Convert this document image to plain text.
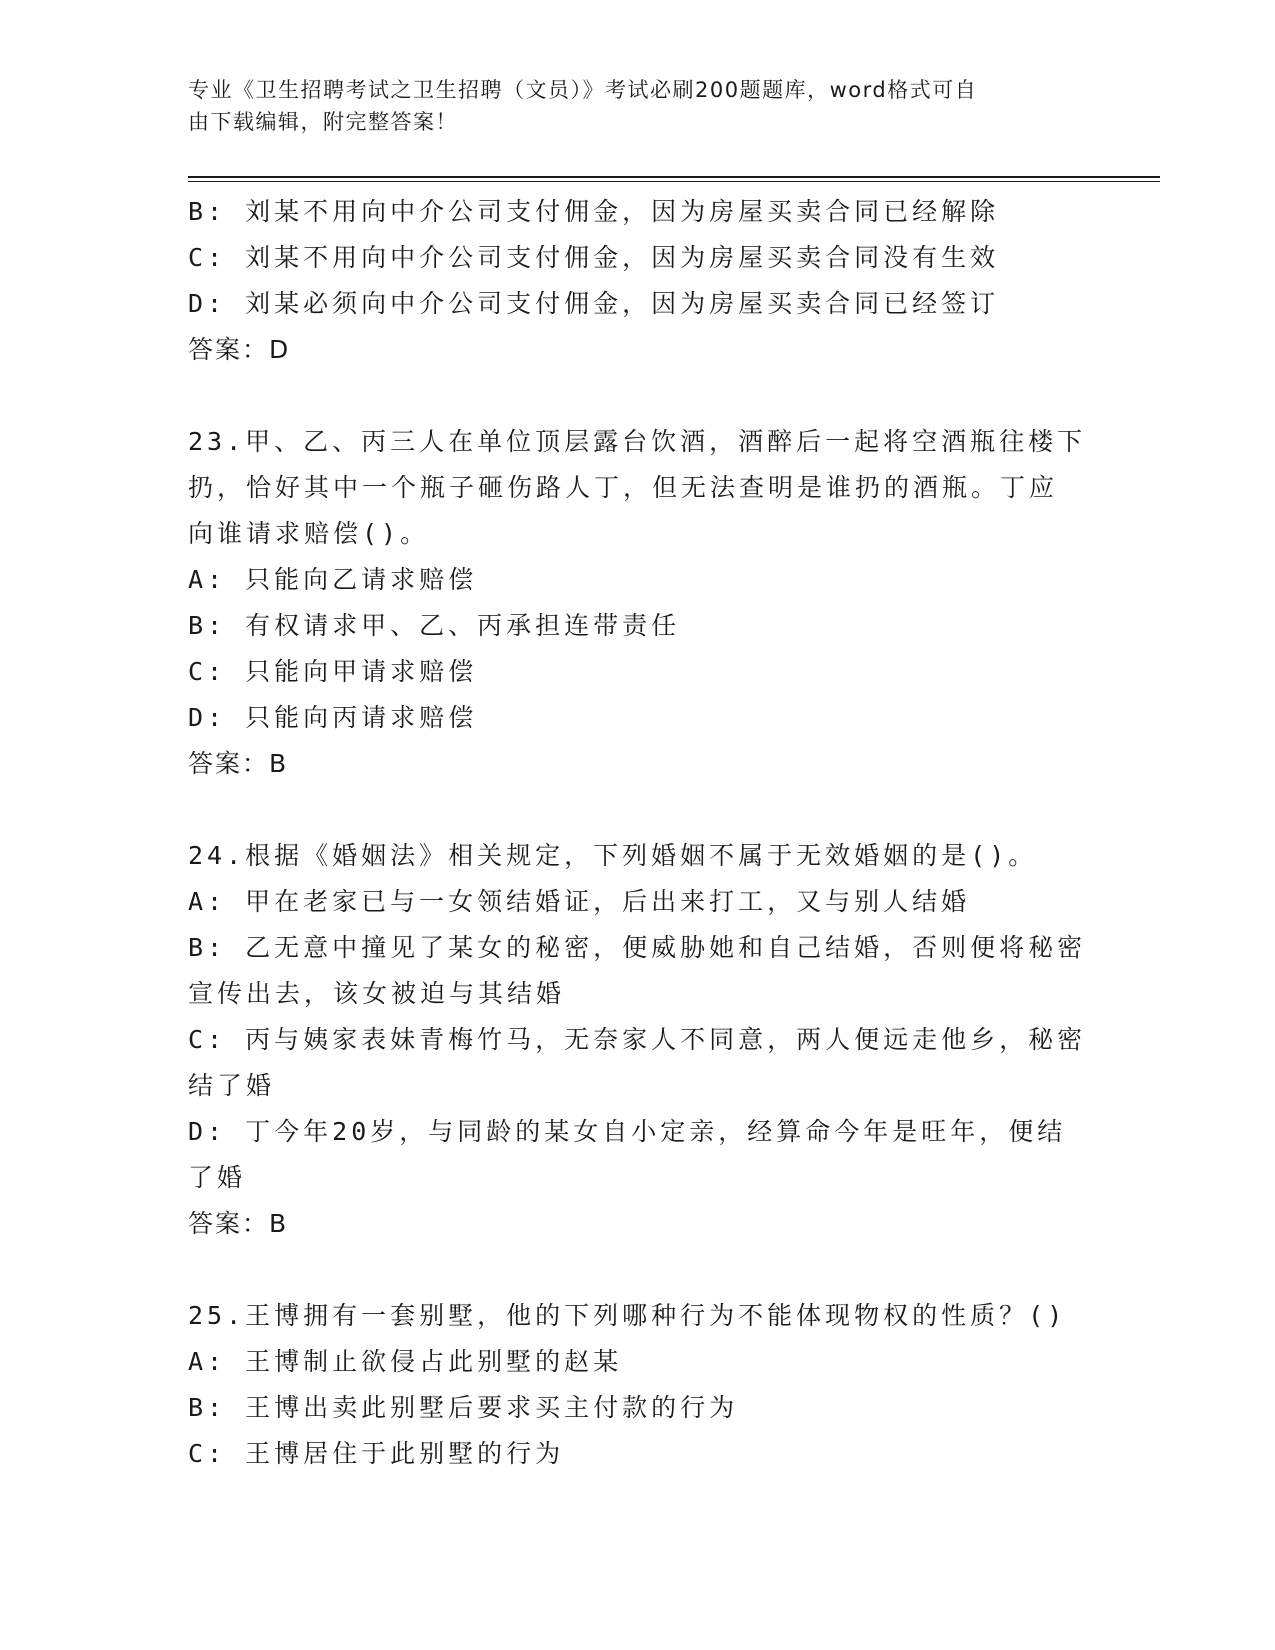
专业《卫生招聘考试之卫生招聘（文员）》考试必刷200题题库，word格式可自
由下载编辑，附完整答案！
B: 刘某不用向中介公司支付佣金，因为房屋买卖合同已经解除
C: 刘某不用向中介公司支付佣金，因为房屋买卖合同没有生效
D: 刘某必须向中介公司支付佣金，因为房屋买卖合同已经签订
答案：D
23.甲、乙、丙三人在单位顶层露台饮酒，酒醉后一起将空酒瓶往楼下
扔，恰好其中一个瓶子砸伤路人丁，但无法查明是谁扔的酒瓶。丁应
向谁请求赔偿()。
A: 只能向乙请求赔偿
B: 有权请求甲、乙、丙承担连带责任
C: 只能向甲请求赔偿
D: 只能向丙请求赔偿
答案：B
24.根据《婚姻法》相关规定，下列婚姻不属于无效婚姻的是()。
A: 甲在老家已与一女领结婚证，后出来打工，又与别人结婚
B: 乙无意中撞见了某女的秘密，便威胁她和自己结婚，否则便将秘密
宣传出去，该女被迫与其结婚
C: 丙与姨家表妹青梅竹马，无奈家人不同意，两人便远走他乡，秘密
结了婚
D: 丁今年20岁，与同龄的某女自小定亲，经算命今年是旺年，便结
了婚
答案：B
25.王博拥有一套别墅，他的下列哪种行为不能体现物权的性质？()
A: 王博制止欲侵占此别墅的赵某
B: 王博出卖此别墅后要求买主付款的行为
C: 王博居住于此别墅的行为
